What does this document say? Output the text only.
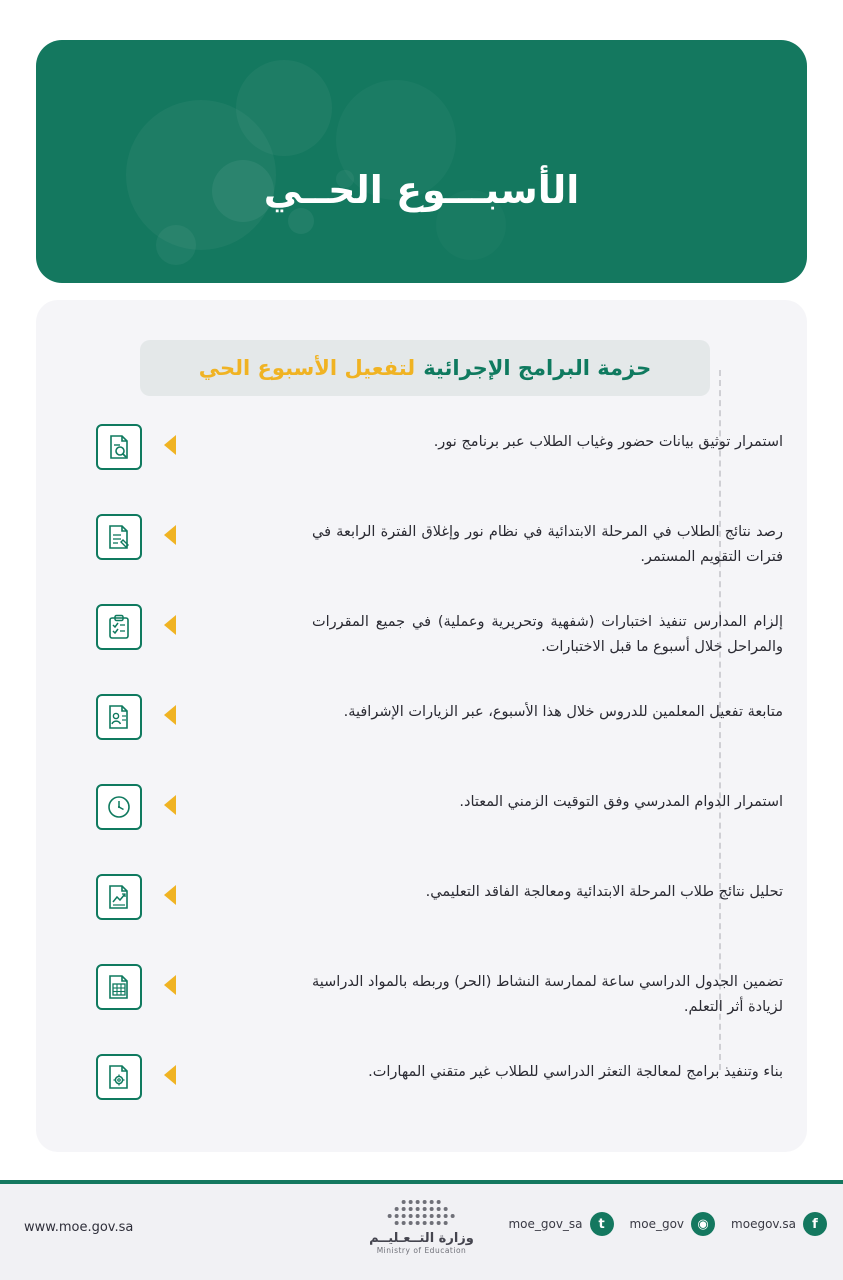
الأسبـــوع الحــي
حزمة البرامج الإجرائية
لتفعيل الأسبوع الحي
استمرار توثيق بيانات حضور وغياب الطلاب عبر برنامج نور.
رصد نتائج الطلاب في المرحلة الابتدائية في نظام نور وإغلاق الفترة الرابعة في فترات التقويم المستمر.
إلزام المدارس تنفيذ اختبارات (شفهية وتحريرية وعملية) في جميع المقررات والمراحل خلال أسبوع ما قبل الاختبارات.
متابعة تفعيل المعلمين للدروس خلال هذا الأسبوع، عبر الزيارات الإشرافية.
استمرار الدوام المدرسي وفق التوقيت الزمني المعتاد.
تحليل نتائج طلاب المرحلة الابتدائية ومعالجة الفاقد التعليمي.
تضمين الجدول الدراسي ساعة لممارسة النشاط (الحر) وربطه بالمواد الدراسية لزيادة أثر التعلم.
بناء وتنفيذ برامج لمعالجة التعثر الدراسي للطلاب غير متقني المهارات.
f
moegov.sa
◉
moe_gov
t
moe_gov_sa
وزارة التــعـليــم
Ministry of Education
www.moe.gov.sa
